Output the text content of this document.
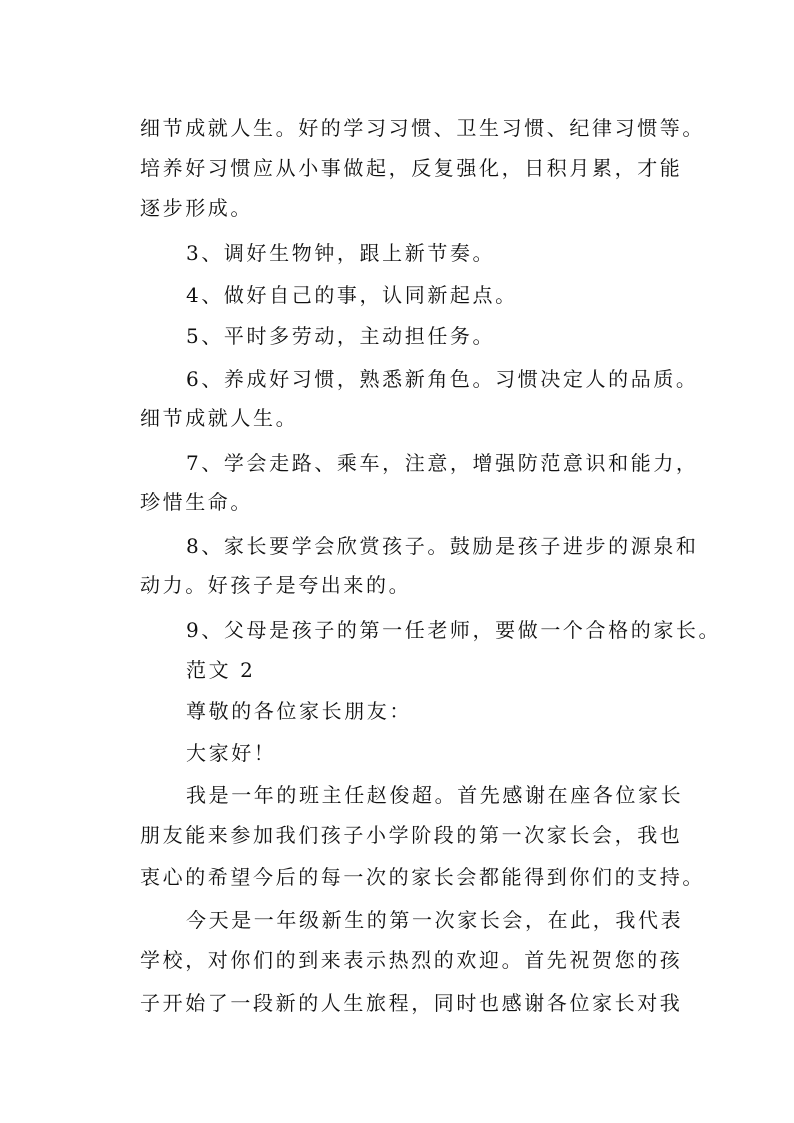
细节成就人生。好的学习习惯、卫生习惯、纪律习惯等。
培养好习惯应从小事做起，反复强化，日积月累，才能
逐步形成。
3、调好生物钟，跟上新节奏。
4、做好自己的事，认同新起点。
5、平时多劳动，主动担任务。
6、养成好习惯，熟悉新角色。习惯决定人的品质。
细节成就人生。
7、学会走路、乘车，注意，增强防范意识和能力，
珍惜生命。
8、家长要学会欣赏孩子。鼓励是孩子进步的源泉和
动力。好孩子是夸出来的。
9、父母是孩子的第一任老师，要做一个合格的家长。
范文 2
尊敬的各位家长朋友：
大家好！
我是一年的班主任赵俊超。首先感谢在座各位家长
朋友能来参加我们孩子小学阶段的第一次家长会，我也
衷心的希望今后的每一次的家长会都能得到你们的支持。
今天是一年级新生的第一次家长会，在此，我代表
学校，对你们的到来表示热烈的欢迎。首先祝贺您的孩
子开始了一段新的人生旅程，同时也感谢各位家长对我
